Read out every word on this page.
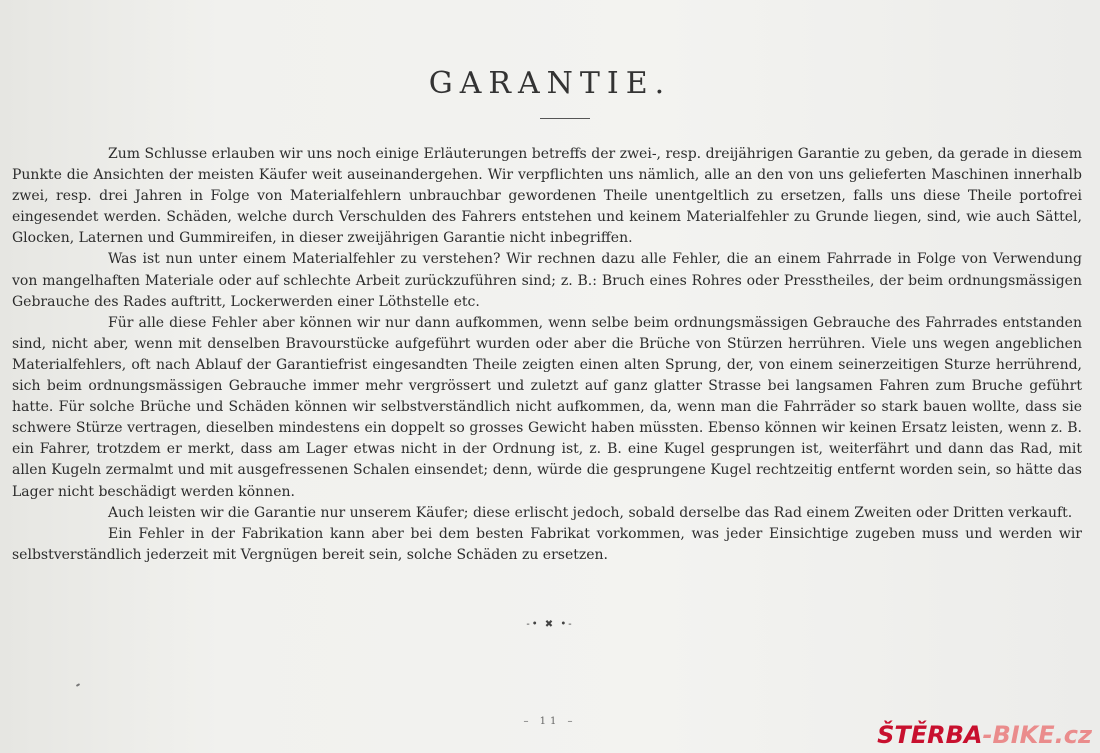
GARANTIE.

Zum Schlusse erlauben wir uns noch einige Erläuterungen betreffs der zwei-, resp. dreijährigen Garantie zu geben, da gerade in diesem Punkte die Ansichten der meisten Käufer weit auseinandergehen. Wir verpflichten uns nämlich, alle an den von uns gelieferten Maschinen innerhalb zwei, resp. drei Jahren in Folge von Materialfehlern unbrauchbar gewordenen Theile unentgeltlich zu ersetzen, falls uns diese Theile portofrei eingesendet werden. Schäden, welche durch Verschulden des Fahrers entstehen und keinem Materialfehler zu Grunde liegen, sind, wie auch Sättel, Glocken, Laternen und Gummireifen, in dieser zweijährigen Garantie nicht inbegriffen.

Was ist nun unter einem Materialfehler zu verstehen? Wir rechnen dazu alle Fehler, die an einem Fahrrade in Folge von Verwendung von mangelhaften Materiale oder auf schlechte Arbeit zurückzuführen sind; z. B.: Bruch eines Rohres oder Presstheiles, der beim ordnungsmässigen Gebrauche des Rades auftritt, Lockerwerden einer Löthstelle etc.

Für alle diese Fehler aber können wir nur dann aufkommen, wenn selbe beim ordnungsmässigen Gebrauche des Fahrrades entstanden sind, nicht aber, wenn mit denselben Bravourstücke aufgeführt wurden oder aber die Brüche von Stürzen herrühren. Viele uns wegen angeblichen Materialfehlers, oft nach Ablauf der Garantiefrist eingesandten Theile zeigten einen alten Sprung, der, von einem seinerzeitigen Sturze herrührend, sich beim ordnungsmässigen Gebrauche immer mehr vergrössert und zuletzt auf ganz glatter Strasse bei langsamen Fahren zum Bruche geführt hatte. Für solche Brüche und Schäden können wir selbstverständlich nicht aufkommen, da, wenn man die Fahrräder so stark bauen wollte, dass sie schwere Stürze vertragen, dieselben mindestens ein doppelt so grosses Gewicht haben müssten. Ebenso können wir keinen Ersatz leisten, wenn z. B. ein Fahrer, trotzdem er merkt, dass am Lager etwas nicht in der Ordnung ist, z. B. eine Kugel gesprungen ist, weiterfährt und dann das Rad, mit allen Kugeln zermalmt und mit ausgefressenen Schalen einsendet; denn, würde die gesprungene Kugel rechtzeitig entfernt worden sein, so hätte das Lager nicht beschädigt werden können.

Auch leisten wir die Garantie nur unserem Käufer; diese erlischt jedoch, sobald derselbe das Rad einem Zweiten oder Dritten verkauft.

Ein Fehler in der Fabrikation kann aber bei dem besten Fabrikat vorkommen, was jeder Einsichtige zugeben muss und werden wir selbstverständlich jederzeit mit Vergnügen bereit sein, solche Schäden zu ersetzen.

-• ✖ •-
– 11 –	ŠTĚRBA-BIKE.cz
